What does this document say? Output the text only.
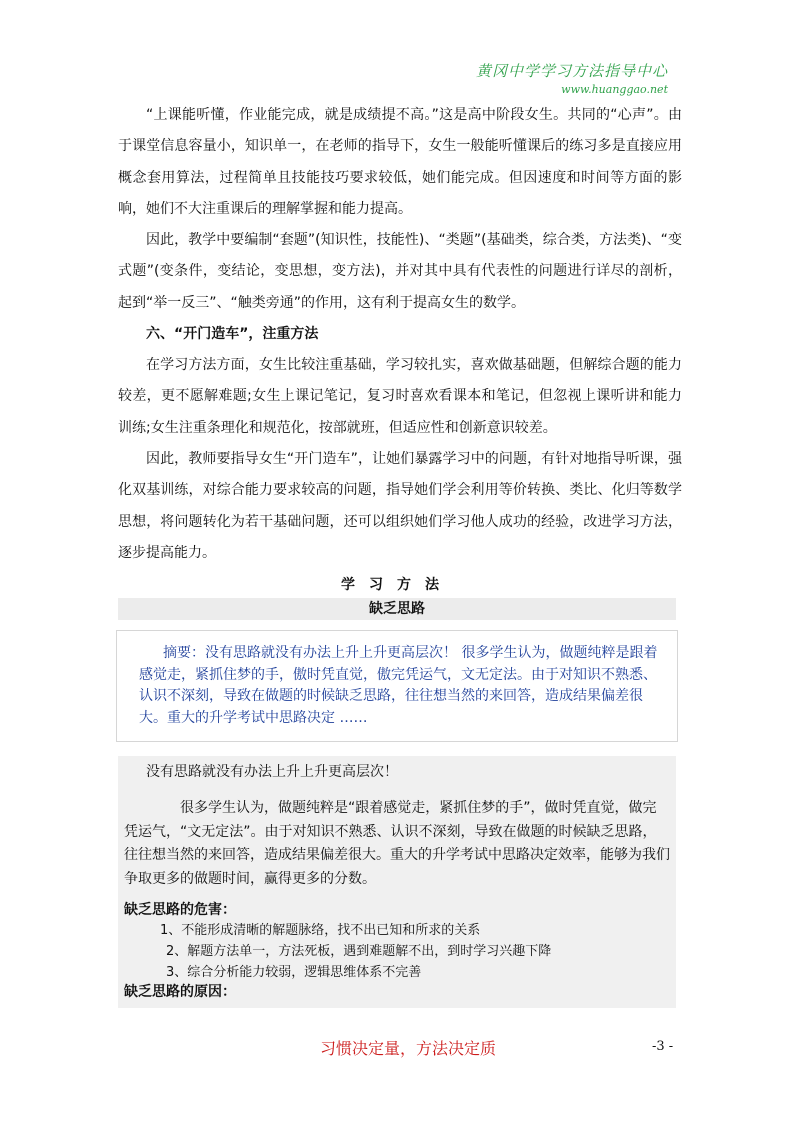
黄冈中学学习方法指导中心
www.huanggao.net

“上课能听懂，作业能完成，就是成绩提不高。”这是高中阶段女生。共同的“心声”。由于课堂信息容量小，知识单一，在老师的指导下，女生一般能听懂课后的练习多是直接应用概念套用算法，过程简单且技能技巧要求较低，她们能完成。但因速度和时间等方面的影响，她们不大注重课后的理解掌握和能力提高。

因此，教学中要编制“套题”(知识性，技能性)、“类题”(基础类，综合类，方法类)、“变式题”(变条件，变结论，变思想，变方法)，并对其中具有代表性的问题进行详尽的剖析，起到“举一反三”、“触类旁通”的作用，这有利于提高女生的数学。

六、“开门造车”，注重方法

在学习方法方面，女生比较注重基础，学习较扎实，喜欢做基础题，但解综合题的能力较差，更不愿解难题;女生上课记笔记，复习时喜欢看课本和笔记，但忽视上课听讲和能力训练;女生注重条理化和规范化，按部就班，但适应性和创新意识较差。

因此，教师要指导女生“开门造车”，让她们暴露学习中的问题，有针对地指导听课，强化双基训练，对综合能力要求较高的问题，指导她们学会利用等价转换、类比、化归等数学思想，将问题转化为若干基础问题，还可以组织她们学习他人成功的经验，改进学习方法，逐步提高能力。

学习方法
缺乏思路

摘要：没有思路就没有办法上升上升更高层次！ 很多学生认为，做题纯粹是跟着感觉走，紧抓住梦的手，傲时凭直觉，傲完凭运气，文无定法。由于对知识不熟悉、认识不深刻，导致在做题的时候缺乏思路，往往想当然的来回答，造成结果偏差很大。重大的升学考试中思路决定 ……

没有思路就没有办法上升上升更高层次！

很多学生认为，做题纯粹是“跟着感觉走，紧抓住梦的手”，做时凭直觉，做完凭运气，“文无定法”。由于对知识不熟悉、认识不深刻，导致在做题的时候缺乏思路，往往想当然的来回答，造成结果偏差很大。重大的升学考试中思路决定效率，能够为我们争取更多的做题时间，赢得更多的分数。

缺乏思路的危害：

1、不能形成清晰的解题脉络，找不出已知和所求的关系

2、解题方法单一，方法死板，遇到难题解不出，到时学习兴趣下降

3、综合分析能力较弱，逻辑思维体系不完善

缺乏思路的原因：

习惯决定量，方法决定质	-3 -
